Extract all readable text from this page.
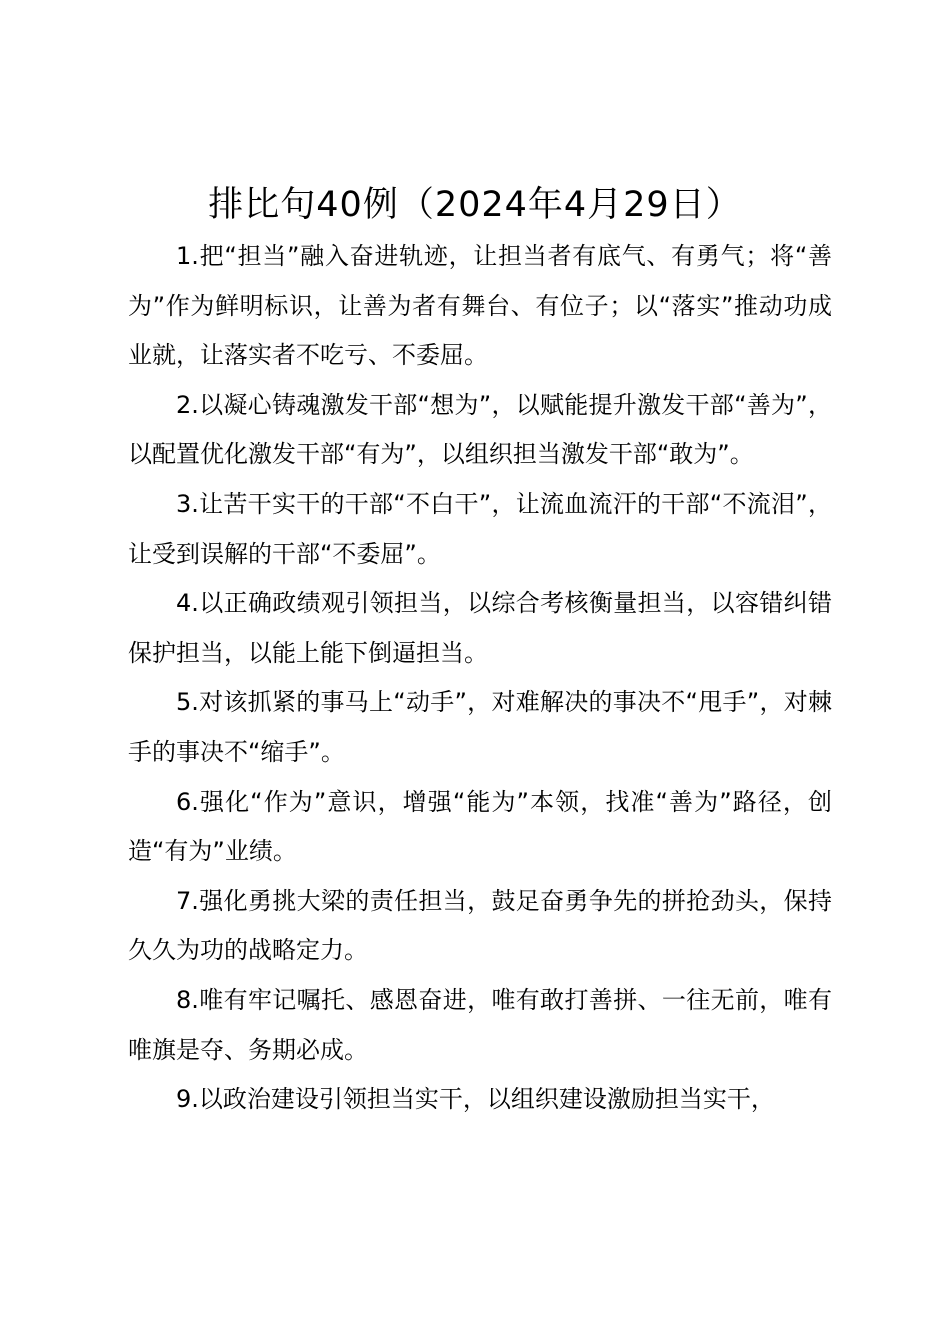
排比句40例（2024年4月29日）

1.把“担当”融入奋进轨迹，让担当者有底气、有勇气；将“善为”作为鲜明标识，让善为者有舞台、有位子；以“落实”推动功成业就，让落实者不吃亏、不委屈。

2.以凝心铸魂激发干部“想为”，以赋能提升激发干部“善为”，以配置优化激发干部“有为”，以组织担当激发干部“敢为”。

3.让苦干实干的干部“不白干”，让流血流汗的干部“不流泪”，让受到误解的干部“不委屈”。

4.以正确政绩观引领担当，以综合考核衡量担当，以容错纠错保护担当，以能上能下倒逼担当。

5.对该抓紧的事马上“动手”，对难解决的事决不“甩手”，对棘手的事决不“缩手”。

6.强化“作为”意识，增强“能为”本领，找准“善为”路径，创造“有为”业绩。

7.强化勇挑大梁的责任担当，鼓足奋勇争先的拼抢劲头，保持久久为功的战略定力。

8.唯有牢记嘱托、感恩奋进，唯有敢打善拼、一往无前，唯有唯旗是夺、务期必成。

9.以政治建设引领担当实干，以组织建设激励担当实干，
